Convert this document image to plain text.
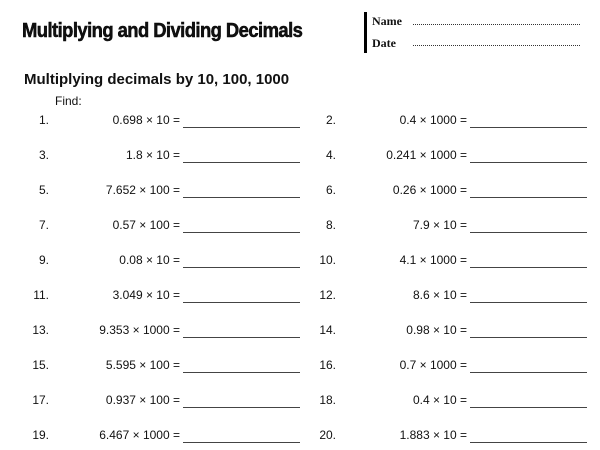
Multiplying and Dividing Decimals	Name
Date
Multiplying decimals by 10, 100, 1000
Find:
1.	0.698 × 10 =	2.	0.4 × 1000 =
3.	1.8 × 10 =	4.	0.241 × 1000 =
5.	7.652 × 100 =	6.	0.26 × 1000 =
7.	0.57 × 100 =	8.	7.9 × 10 =
9.	0.08 × 10 =	10.	4.1 × 1000 =
11.	3.049 × 10 =	12.	8.6 × 10 =
13.	9.353 × 1000 =	14.	0.98 × 10 =
15.	5.595 × 100 =	16.	0.7 × 1000 =
17.	0.937 × 100 =	18.	0.4 × 10 =
19.	6.467 × 1000 =	20.	1.883 × 10 =
